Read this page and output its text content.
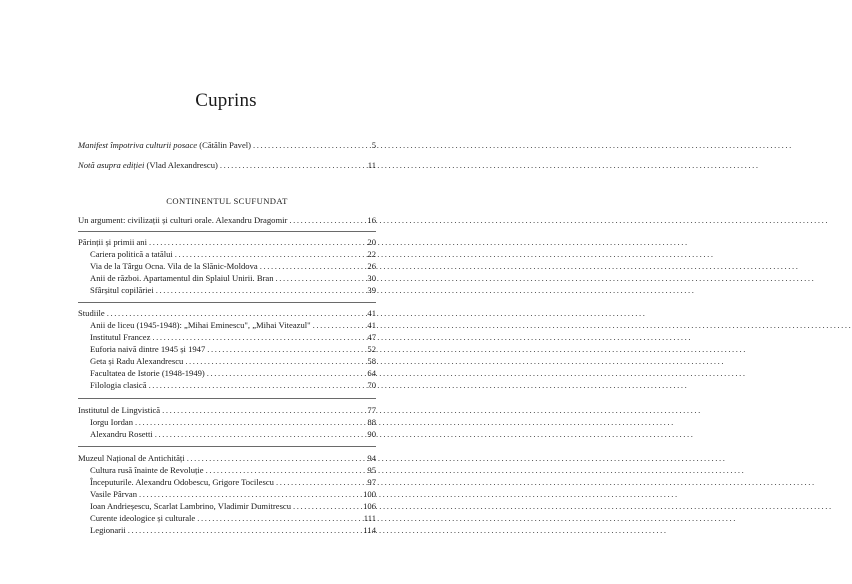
Cuprins
Manifest împotriva culturii posace (Cătălin Pavel) .....	5
Notă asupra ediției (Vlad Alexandrescu) .....	11
CONTINENTUL SCUFUNDAT
Un argument: civilizații și culturi orale. Alexandru Dragomir .....	16
Părinții și primii ani .....	20
Cariera politică a tatălui .....	22
Via de la Târgu Ocna. Vila de la Slănic-Moldova .....	26
Anii de război. Apartamentul din Splaiul Unirii. Bran .....	30
Sfârșitul copilăriei .....	39
Studiile .....	41
Anii de liceu (1945-1948): „Mihai Eminescu", „Mihai Viteazul" .....	41
Institutul Francez .....	47
Euforia naivă dintre 1945 și 1947 .....	52
Geta și Radu Alexandrescu .....	58
Facultatea de Istorie (1948-1949) .....	64
Filologia clasică .....	70
Institutul de Lingvistică .....	77
Iorgu Iordan .....	88
Alexandru Rosetti .....	90
Muzeul Național de Antichități .....	94
Cultura rusă înainte de Revoluție .....	95
Începuturile. Alexandru Odobescu, Grigore Tocilescu .....	97
Vasile Pârvan .....	100
Ioan Andrieșescu, Scarlat Lambrino, Vladimir Dumitrescu .....	106
Curente ideologice și culturale .....	111
Legionarii .....	114
